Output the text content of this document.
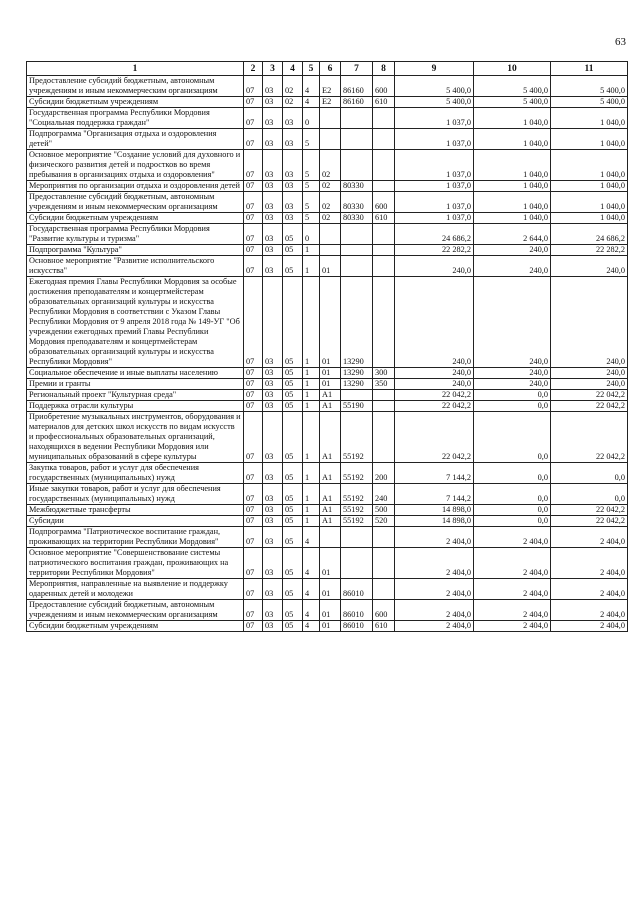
63
1	2	3	4	5	6	7	8	9	10	11
Предоставление субсидий бюджетным, автономным учреждениям и иным некоммерческим организациям	07	03	02	4	E2	86160	600	5 400,0	5 400,0	5 400,0
Субсидии бюджетным учреждениям	07	03	02	4	E2	86160	610	5 400,0	5 400,0	5 400,0
Государственная программа Республики Мордовия "Социальная поддержка граждан"	07	03	03	0				1 037,0	1 040,0	1 040,0
Подпрограмма "Организация отдыха и оздоровления детей"	07	03	03	5				1 037,0	1 040,0	1 040,0
Основное мероприятие "Создание условий для духовного и физического развития детей и подростков во время пребывания в организациях отдыха и оздоровления"	07	03	03	5	02			1 037,0	1 040,0	1 040,0
Мероприятия по организации отдыха и оздоровления детей	07	03	03	5	02	80330		1 037,0	1 040,0	1 040,0
Предоставление субсидий бюджетным, автономным учреждениям и иным некоммерческим организациям	07	03	03	5	02	80330	600	1 037,0	1 040,0	1 040,0
Субсидии бюджетным учреждениям	07	03	03	5	02	80330	610	1 037,0	1 040,0	1 040,0
Государственная программа Республики Мордовия "Развитие культуры и туризма"	07	03	05	0				24 686,2	2 644,0	24 686,2
Подпрограмма "Культура"	07	03	05	1				22 282,2	240,0	22 282,2
Основное мероприятие "Развитие исполнительского искусства"	07	03	05	1	01			240,0	240,0	240,0
Ежегодная премия Главы Республики Мордовия за особые достижения преподавателям и концертмейстерам образовательных организаций культуры и искусства Республики Мордовия в соответствии с Указом Главы Республики Мордовия от 9 апреля 2018 года № 149-УГ "Об учреждении ежегодных премий Главы Республики Мордовия преподавателям и концертмейстерам образовательных организаций культуры и искусства Республики Мордовия"	07	03	05	1	01	13290		240,0	240,0	240,0
Социальное обеспечение и иные выплаты населению	07	03	05	1	01	13290	300	240,0	240,0	240,0
Премии и гранты	07	03	05	1	01	13290	350	240,0	240,0	240,0
Региональный проект "Культурная среда"	07	03	05	1	A1			22 042,2	0,0	22 042,2
Поддержка отрасли культуры	07	03	05	1	A1	55190		22 042,2	0,0	22 042,2
Приобретение музыкальных инструментов, оборудования и материалов для детских школ искусств по видам искусств и профессиональных образовательных организаций, находящихся в ведении Республики Мордовия или муниципальных образований в сфере культуры	07	03	05	1	A1	55192		22 042,2	0,0	22 042,2
Закупка товаров, работ и услуг для обеспечения государственных (муниципальных) нужд	07	03	05	1	A1	55192	200	7 144,2	0,0	0,0
Иные закупки товаров, работ и услуг для обеспечения государственных (муниципальных) нужд	07	03	05	1	A1	55192	240	7 144,2	0,0	0,0
Межбюджетные трансферты	07	03	05	1	A1	55192	500	14 898,0	0,0	22 042,2
Субсидии	07	03	05	1	A1	55192	520	14 898,0	0,0	22 042,2
Подпрограмма "Патриотическое воспитание граждан, проживающих на территории Республики Мордовия"	07	03	05	4				2 404,0	2 404,0	2 404,0
Основное мероприятие "Совершенствование системы патриотического воспитания граждан, проживающих на территории Республики Мордовия"	07	03	05	4	01			2 404,0	2 404,0	2 404,0
Мероприятия, направленные на выявление и поддержку одаренных детей и молодежи	07	03	05	4	01	86010		2 404,0	2 404,0	2 404,0
Предоставление субсидий бюджетным, автономным учреждениям и иным некоммерческим организациям	07	03	05	4	01	86010	600	2 404,0	2 404,0	2 404,0
Субсидии бюджетным учреждениям	07	03	05	4	01	86010	610	2 404,0	2 404,0	2 404,0
